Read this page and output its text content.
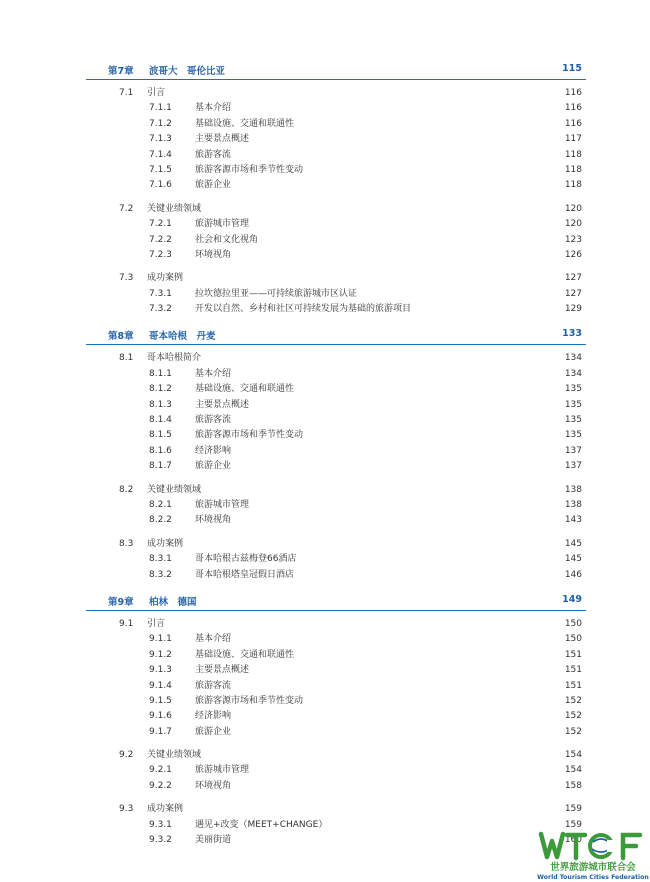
第7章 波哥大　哥伦比亚	115
7.1 引言	116
7.1.1	基本介绍	116
7.1.2	基础设施、交通和联通性	116
7.1.3	主要景点概述	117
7.1.4	旅游客流	118
7.1.5	旅游客源市场和季节性变动	118
7.1.6	旅游企业	118
7.2 关键业绩领域	120
7.2.1	旅游城市管理	120
7.2.2	社会和文化视角	123
7.2.3	环境视角	126
7.3 成功案例	127
7.3.1	拉坎德拉里亚——可持续旅游城市区认证	127
7.3.2	开发以自然、乡村和社区可持续发展为基础的旅游项目	129
第8章 哥本哈根　丹麦	133
8.1 哥本哈根简介	134
8.1.1	基本介绍	134
8.1.2	基础设施、交通和联通性	135
8.1.3	主要景点概述	135
8.1.4	旅游客流	135
8.1.5	旅游客源市场和季节性变动	135
8.1.6	经济影响	137
8.1.7	旅游企业	137
8.2 关键业绩领域	138
8.2.1	旅游城市管理	138
8.2.2	环境视角	143
8.3 成功案例	145
8.3.1	哥本哈根古兹梅登66酒店	145
8.3.2	哥本哈根塔皇冠假日酒店	146
第9章 柏林　德国	149
9.1 引言	150
9.1.1	基本介绍	150
9.1.2	基础设施、交通和联通性	151
9.1.3	主要景点概述	151
9.1.4	旅游客流	151
9.1.5	旅游客源市场和季节性变动	152
9.1.6	经济影响	152
9.1.7	旅游企业	152
9.2 关键业绩领域	154
9.2.1	旅游城市管理	154
9.2.2	环境视角	158
9.3 成功案例	159
9.3.1	遇见+改变（MEET+CHANGE）	159
9.3.2	美丽街道	160
世界旅游城市联合会
World Tourism Cities Federation
